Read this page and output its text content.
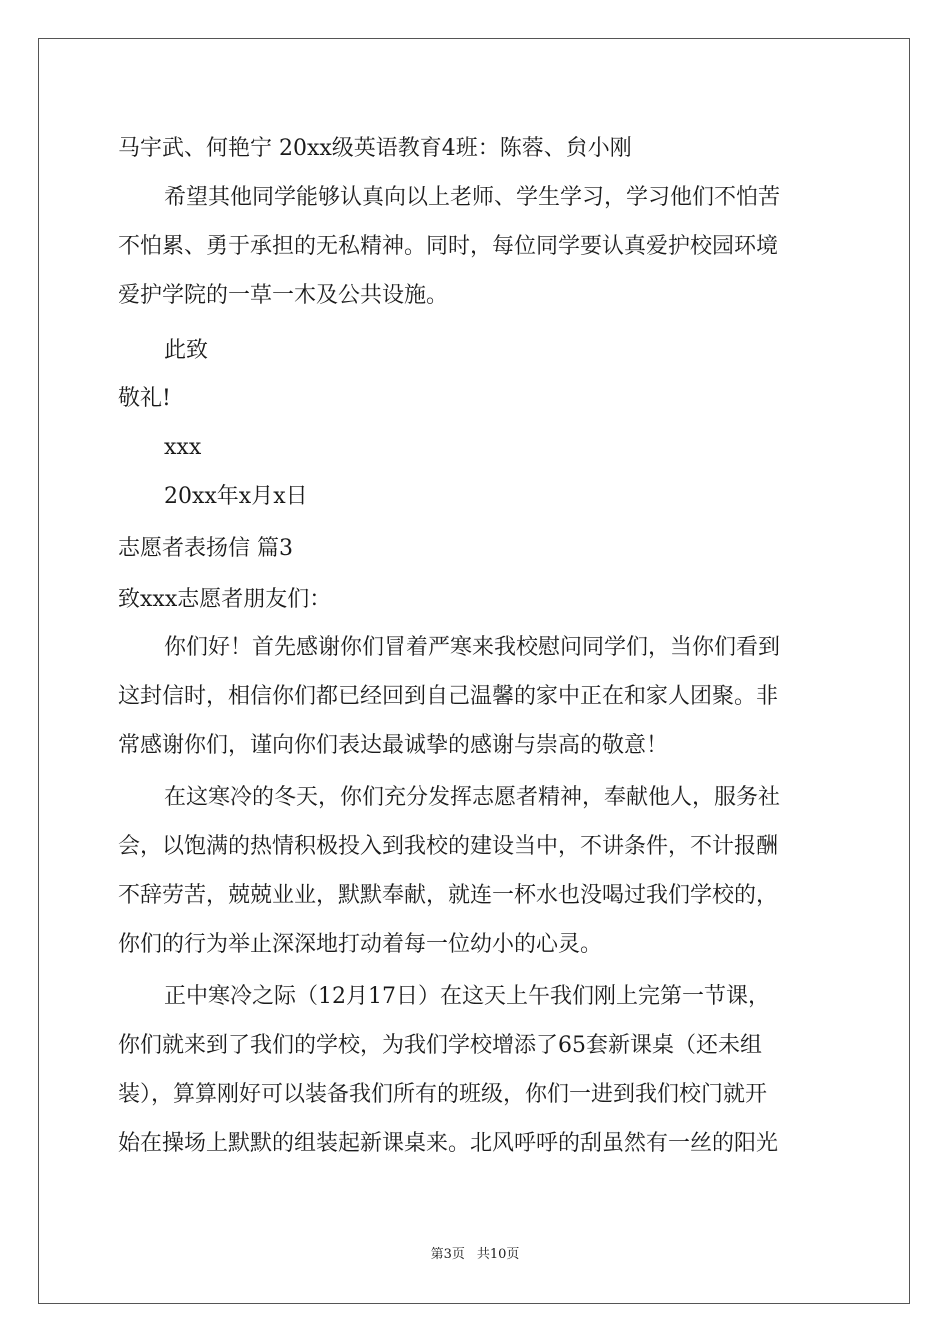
马宇武、何艳宁 20xx级英语教育4班：陈蓉、贠小刚
希望其他同学能够认真向以上老师、学生学习，学习他们不怕苦
不怕累、勇于承担的无私精神。同时，每位同学要认真爱护校园环境
爱护学院的一草一木及公共设施。
此致
敬礼!
xxx
20xx年x月x日
志愿者表扬信 篇3
致xxx志愿者朋友们：
你们好！首先感谢你们冒着严寒来我校慰问同学们，当你们看到
这封信时，相信你们都已经回到自己温馨的家中正在和家人团聚。非
常感谢你们，谨向你们表达最诚挚的感谢与崇高的敬意！
在这寒冷的冬天，你们充分发挥志愿者精神，奉献他人，服务社
会，以饱满的热情积极投入到我校的建设当中，不讲条件，不计报酬
不辞劳苦，兢兢业业，默默奉献，就连一杯水也没喝过我们学校的，
你们的行为举止深深地打动着每一位幼小的心灵。
正中寒冷之际（12月17日）在这天上午我们刚上完第一节课，
你们就来到了我们的学校，为我们学校增添了65套新课桌（还未组
装），算算刚好可以装备我们所有的班级，你们一进到我们校门就开
始在操场上默默的组装起新课桌来。北风呼呼的刮虽然有一丝的阳光
第3页 共10页
